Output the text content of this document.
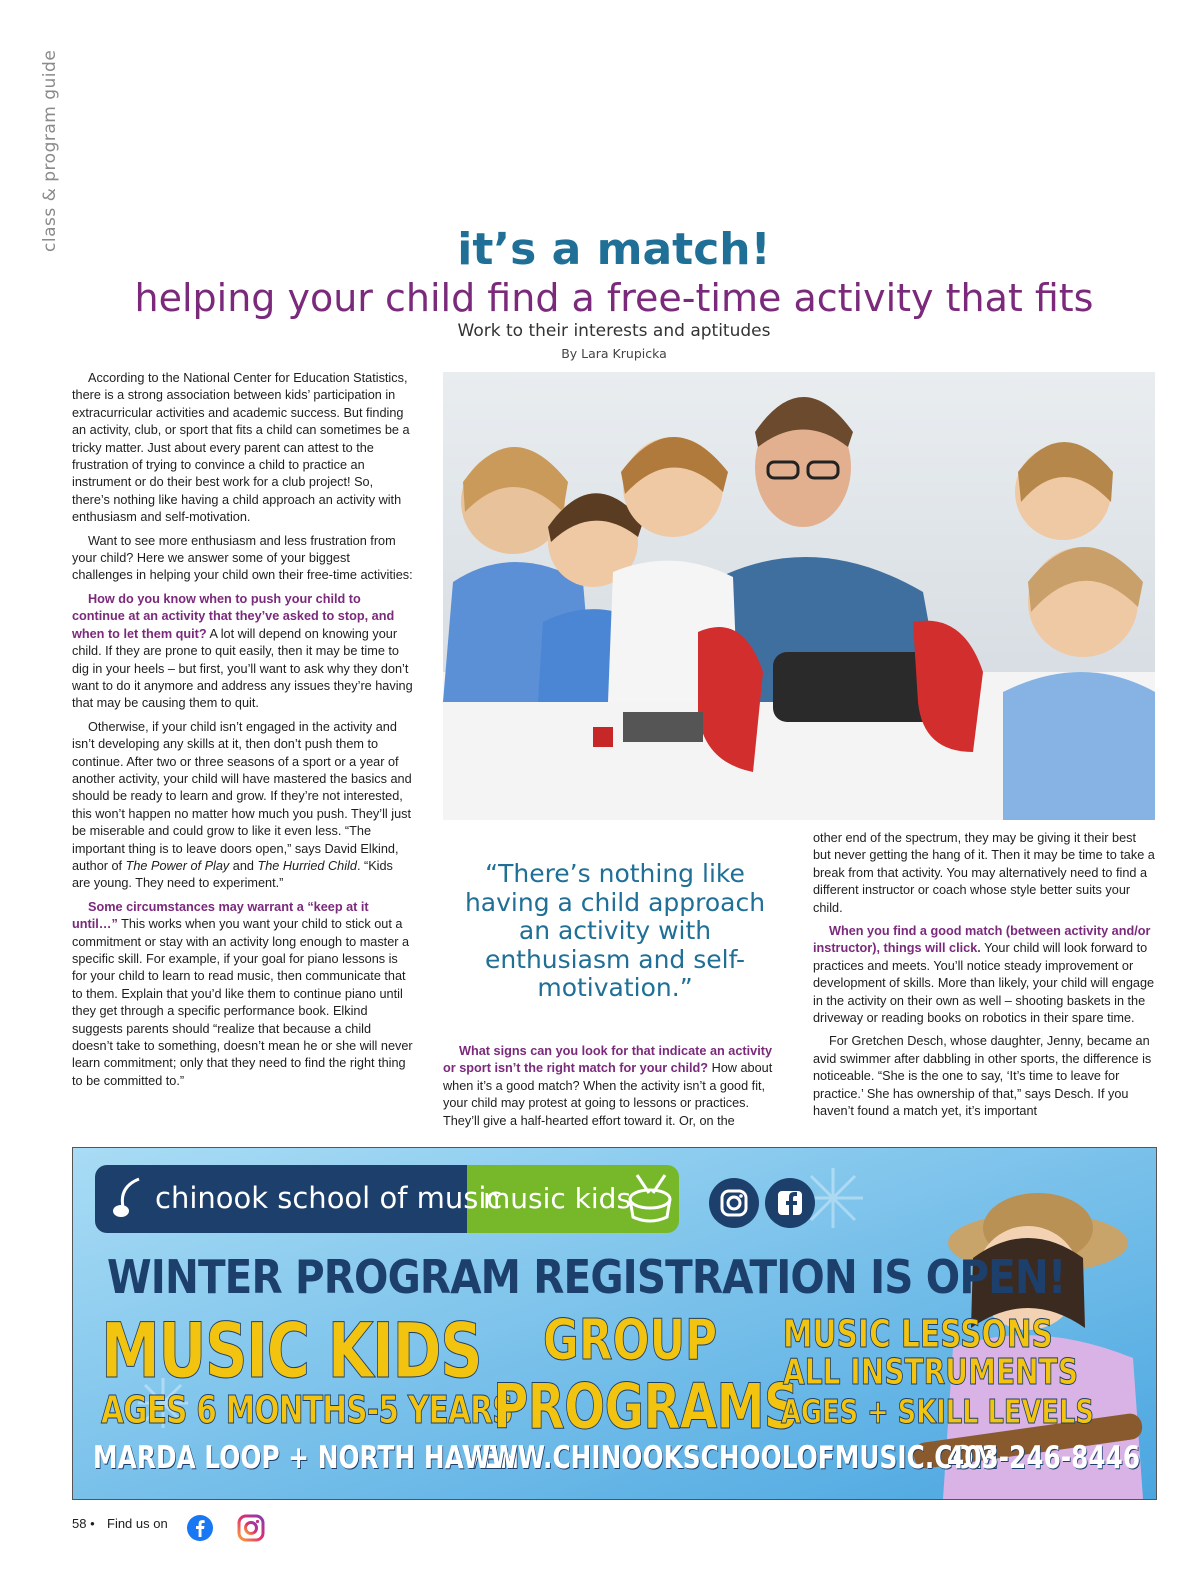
class & program guide	it’s a match!
helping your child find a free-time activity that fits
Work to their interests and aptitudes
By Lara Krupicka

According to the National Center for Education Statistics, there is a strong association between kids’ participation in extracurricular activities and academic success. But finding an activity, club, or sport that fits a child can sometimes be a tricky matter. Just about every parent can attest to the frustration of trying to convince a child to practice an instrument or do their best work for a club project! So, there’s nothing like having a child approach an activity with enthusiasm and self-motivation.

Want to see more enthusiasm and less frustration from your child? Here we answer some of your biggest challenges in helping your child own their free-time activities:

How do you know when to push your child to continue at an activity that they’ve asked to stop, and when to let them quit? A lot will depend on knowing your child. If they are prone to quit easily, then it may be time to dig in your heels – but first, you’ll want to ask why they don’t want to do it anymore and address any issues they’re having that may be causing them to quit.

Otherwise, if your child isn’t engaged in the activity and isn’t developing any skills at it, then don’t push them to continue. After two or three seasons of a sport or a year of another activity, your child will have mastered the basics and should be ready to learn and grow. If they’re not interested, this won’t happen no matter how much you push. They’ll just be miserable and could grow to like it even less. “The important thing is to leave doors open,” says David Elkind, author of The Power of Play and The Hurried Child. “Kids are young. They need to experiment.”

Some circumstances may warrant a “keep at it until…” This works when you want your child to stick out a commitment or stay with an activity long enough to master a specific skill. For example, if your goal for piano lessons is for your child to learn to read music, then communicate that to them. Explain that you’d like them to continue piano until they get through a specific performance book. Elkind suggests parents should “realize that because a child doesn’t take to something, doesn’t mean he or she will never learn commitment; only that they need to find the right thing to be committed to.”

“There’s nothing like having a child approach an activity with enthusiasm and self-motivation.”

What signs can you look for that indicate an activity or sport isn’t the right match for your child? How about when it’s a good match? When the activity isn’t a good fit, your child may protest at going to lessons or practices. They’ll give a half-hearted effort toward it. Or, on the

other end of the spectrum, they may be giving it their best but never getting the hang of it. Then it may be time to take a break from that activity. You may alternatively need to find a different instructor or coach whose style better suits your child.

When you find a good match (between activity and/or instructor), things will click. Your child will look forward to practices and meets. You’ll notice steady improvement or development of skills. More than likely, your child will engage in the activity on their own as well – shooting baskets in the driveway or reading books on robotics in their spare time.

For Gretchen Desch, whose daughter, Jenny, became an avid swimmer after dabbling in other sports, the difference is noticeable. “She is the one to say, ‘It’s time to leave for practice.’ She has ownership of that,” says Desch. If you haven’t found a match yet, it’s important

chinook school of music
music kids
WINTER PROGRAM REGISTRATION IS OPEN!
MUSIC KIDS
AGES 6 MONTHS-5 YEARS
GROUP
PROGRAMS
MUSIC LESSONS
ALL INSTRUMENTS
AGES + SKILL LEVELS
MARDA LOOP + NORTH HAVEN
WWW.CHINOOKSCHOOLOFMUSIC.COM
403-246-8446
58 • Find us on
